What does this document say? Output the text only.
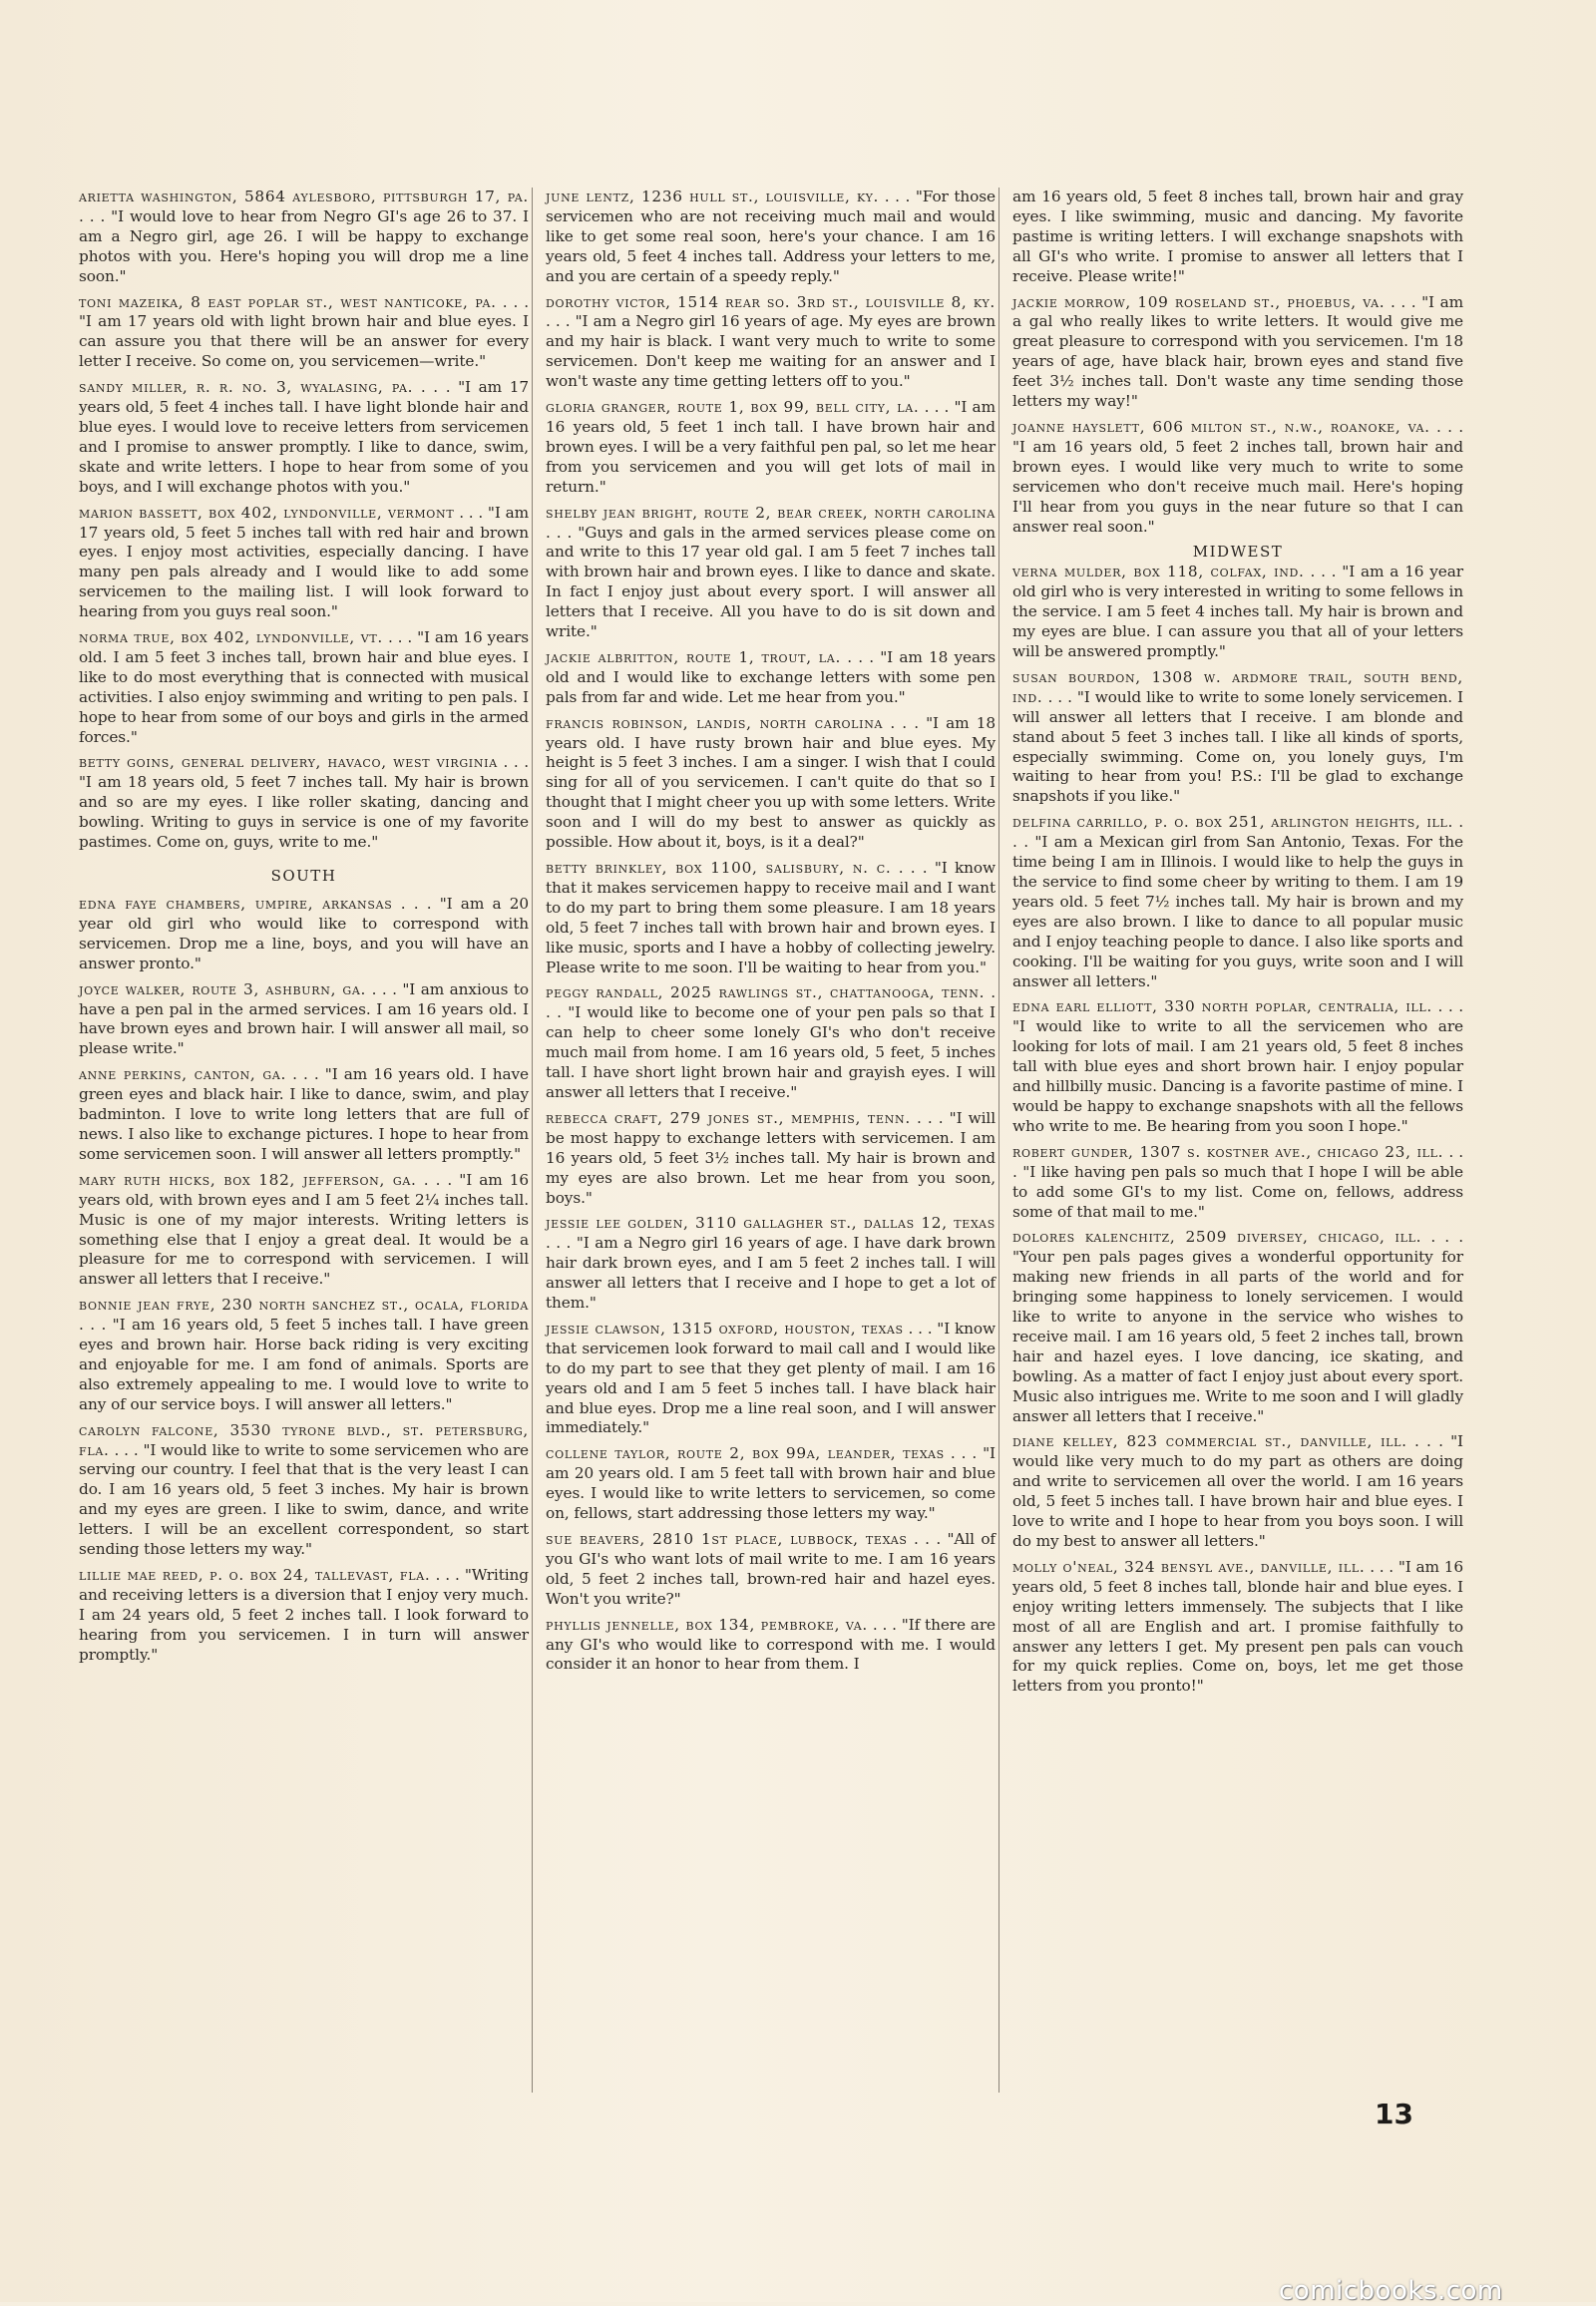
arietta washington, 5864 aylesboro, pittsburgh 17, pa. . . . "I would love to hear from Negro GI's age 26 to 37. I am a Negro girl, age 26. I will be happy to exchange photos with you. Here's hoping you will drop me a line soon."

toni mazeika, 8 east poplar st., west nanticoke, pa. . . . "I am 17 years old with light brown hair and blue eyes. I can assure you that there will be an answer for every letter I receive. So come on, you servicemen—write."

sandy miller, r. r. no. 3, wyalasing, pa. . . . "I am 17 years old, 5 feet 4 inches tall. I have light blonde hair and blue eyes. I would love to receive letters from servicemen and I promise to answer promptly. I like to dance, swim, skate and write letters. I hope to hear from some of you boys, and I will exchange photos with you."

marion bassett, box 402, lyndonville, vermont . . . "I am 17 years old, 5 feet 5 inches tall with red hair and brown eyes. I enjoy most activities, especially dancing. I have many pen pals already and I would like to add some servicemen to the mailing list. I will look forward to hearing from you guys real soon."

norma true, box 402, lyndonville, vt. . . . "I am 16 years old. I am 5 feet 3 inches tall, brown hair and blue eyes. I like to do most everything that is connected with musical activities. I also enjoy swimming and writing to pen pals. I hope to hear from some of our boys and girls in the armed forces."

betty goins, general delivery, havaco, west virginia . . . "I am 18 years old, 5 feet 7 inches tall. My hair is brown and so are my eyes. I like roller skating, dancing and bowling. Writing to guys in service is one of my favorite pastimes. Come on, guys, write to me."

SOUTH

edna faye chambers, umpire, arkansas . . . "I am a 20 year old girl who would like to correspond with servicemen. Drop me a line, boys, and you will have an answer pronto."

joyce walker, route 3, ashburn, ga. . . . "I am anxious to have a pen pal in the armed services. I am 16 years old. I have brown eyes and brown hair. I will answer all mail, so please write."

anne perkins, canton, ga. . . . "I am 16 years old. I have green eyes and black hair. I like to dance, swim, and play badminton. I love to write long letters that are full of news. I also like to exchange pictures. I hope to hear from some servicemen soon. I will answer all letters promptly."

mary ruth hicks, box 182, jefferson, ga. . . . "I am 16 years old, with brown eyes and I am 5 feet 2¼ inches tall. Music is one of my major interests. Writing letters is something else that I enjoy a great deal. It would be a pleasure for me to correspond with servicemen. I will answer all letters that I receive."

bonnie jean frye, 230 north sanchez st., ocala, florida . . . "I am 16 years old, 5 feet 5 inches tall. I have green eyes and brown hair. Horse back riding is very exciting and enjoyable for me. I am fond of animals. Sports are also extremely appealing to me. I would love to write to any of our service boys. I will answer all letters."

carolyn falcone, 3530 tyrone blvd., st. petersburg, fla. . . . "I would like to write to some servicemen who are serving our country. I feel that that is the very least I can do. I am 16 years old, 5 feet 3 inches. My hair is brown and my eyes are green. I like to swim, dance, and write letters. I will be an excellent correspondent, so start sending those letters my way."

lillie mae reed, p. o. box 24, tallevast, fla. . . . "Writing and receiving letters is a diversion that I enjoy very much. I am 24 years old, 5 feet 2 inches tall. I look forward to hearing from you servicemen. I in turn will answer promptly."

june lentz, 1236 hull st., louisville, ky. . . . "For those servicemen who are not receiving much mail and would like to get some real soon, here's your chance. I am 16 years old, 5 feet 4 inches tall. Address your letters to me, and you are certain of a speedy reply."

dorothy victor, 1514 rear so. 3rd st., louisville 8, ky. . . . "I am a Negro girl 16 years of age. My eyes are brown and my hair is black. I want very much to write to some servicemen. Don't keep me waiting for an answer and I won't waste any time getting letters off to you."

gloria granger, route 1, box 99, bell city, la. . . . "I am 16 years old, 5 feet 1 inch tall. I have brown hair and brown eyes. I will be a very faithful pen pal, so let me hear from you servicemen and you will get lots of mail in return."

shelby jean bright, route 2, bear creek, north carolina . . . "Guys and gals in the armed services please come on and write to this 17 year old gal. I am 5 feet 7 inches tall with brown hair and brown eyes. I like to dance and skate. In fact I enjoy just about every sport. I will answer all letters that I receive. All you have to do is sit down and write."

jackie albritton, route 1, trout, la. . . . "I am 18 years old and I would like to exchange letters with some pen pals from far and wide. Let me hear from you."

francis robinson, landis, north carolina . . . "I am 18 years old. I have rusty brown hair and blue eyes. My height is 5 feet 3 inches. I am a singer. I wish that I could sing for all of you servicemen. I can't quite do that so I thought that I might cheer you up with some letters. Write soon and I will do my best to answer as quickly as possible. How about it, boys, is it a deal?"

betty brinkley, box 1100, salisbury, n. c. . . . "I know that it makes servicemen happy to receive mail and I want to do my part to bring them some pleasure. I am 18 years old, 5 feet 7 inches tall with brown hair and brown eyes. I like music, sports and I have a hobby of collecting jewelry. Please write to me soon. I'll be waiting to hear from you."

peggy randall, 2025 rawlings st., chattanooga, tenn. . . . "I would like to become one of your pen pals so that I can help to cheer some lonely GI's who don't receive much mail from home. I am 16 years old, 5 feet, 5 inches tall. I have short light brown hair and grayish eyes. I will answer all letters that I receive."

rebecca craft, 279 jones st., memphis, tenn. . . . "I will be most happy to exchange letters with servicemen. I am 16 years old, 5 feet 3½ inches tall. My hair is brown and my eyes are also brown. Let me hear from you soon, boys."

jessie lee golden, 3110 gallagher st., dallas 12, texas . . . "I am a Negro girl 16 years of age. I have dark brown hair dark brown eyes, and I am 5 feet 2 inches tall. I will answer all letters that I receive and I hope to get a lot of them."

jessie clawson, 1315 oxford, houston, texas . . . "I know that servicemen look forward to mail call and I would like to do my part to see that they get plenty of mail. I am 16 years old and I am 5 feet 5 inches tall. I have black hair and blue eyes. Drop me a line real soon, and I will answer immediately."

collene taylor, route 2, box 99a, leander, texas . . . "I am 20 years old. I am 5 feet tall with brown hair and blue eyes. I would like to write letters to servicemen, so come on, fellows, start addressing those letters my way."

sue beavers, 2810 1st place, lubbock, texas . . . "All of you GI's who want lots of mail write to me. I am 16 years old, 5 feet 2 inches tall, brown-red hair and hazel eyes. Won't you write?"

phyllis jennelle, box 134, pembroke, va. . . . "If there are any GI's who would like to correspond with me. I would consider it an honor to hear from them. I

am 16 years old, 5 feet 8 inches tall, brown hair and gray eyes. I like swimming, music and dancing. My favorite pastime is writing letters. I will exchange snapshots with all GI's who write. I promise to answer all letters that I receive. Please write!"

jackie morrow, 109 roseland st., phoebus, va. . . . "I am a gal who really likes to write letters. It would give me great pleasure to correspond with you servicemen. I'm 18 years of age, have black hair, brown eyes and stand five feet 3½ inches tall. Don't waste any time sending those letters my way!"

joanne hayslett, 606 milton st., n.w., roanoke, va. . . . "I am 16 years old, 5 feet 2 inches tall, brown hair and brown eyes. I would like very much to write to some servicemen who don't receive much mail. Here's hoping I'll hear from you guys in the near future so that I can answer real soon."

MIDWEST

verna mulder, box 118, colfax, ind. . . . "I am a 16 year old girl who is very interested in writing to some fellows in the service. I am 5 feet 4 inches tall. My hair is brown and my eyes are blue. I can assure you that all of your letters will be answered promptly."

susan bourdon, 1308 w. ardmore trail, south bend, ind. . . . "I would like to write to some lonely servicemen. I will answer all letters that I receive. I am blonde and stand about 5 feet 3 inches tall. I like all kinds of sports, especially swimming. Come on, you lonely guys, I'm waiting to hear from you! P.S.: I'll be glad to exchange snapshots if you like."

delfina carrillo, p. o. box 251, arlington heights, ill. . . . "I am a Mexican girl from San Antonio, Texas. For the time being I am in Illinois. I would like to help the guys in the service to find some cheer by writing to them. I am 19 years old. 5 feet 7½ inches tall. My hair is brown and my eyes are also brown. I like to dance to all popular music and I enjoy teaching people to dance. I also like sports and cooking. I'll be waiting for you guys, write soon and I will answer all letters."

edna earl elliott, 330 north poplar, centralia, ill. . . . "I would like to write to all the servicemen who are looking for lots of mail. I am 21 years old, 5 feet 8 inches tall with blue eyes and short brown hair. I enjoy popular and hillbilly music. Dancing is a favorite pastime of mine. I would be happy to exchange snapshots with all the fellows who write to me. Be hearing from you soon I hope."

robert gunder, 1307 s. kostner ave., chicago 23, ill. . . . "I like having pen pals so much that I hope I will be able to add some GI's to my list. Come on, fellows, address some of that mail to me."

dolores kalenchitz, 2509 diversey, chicago, ill. . . . "Your pen pals pages gives a wonderful opportunity for making new friends in all parts of the world and for bringing some happiness to lonely servicemen. I would like to write to anyone in the service who wishes to receive mail. I am 16 years old, 5 feet 2 inches tall, brown hair and hazel eyes. I love dancing, ice skating, and bowling. As a matter of fact I enjoy just about every sport. Music also intrigues me. Write to me soon and I will gladly answer all letters that I receive."

diane kelley, 823 commercial st., danville, ill. . . . "I would like very much to do my part as others are doing and write to servicemen all over the world. I am 16 years old, 5 feet 5 inches tall. I have brown hair and blue eyes. I love to write and I hope to hear from you boys soon. I will do my best to answer all letters."

molly o'neal, 324 bensyl ave., danville, ill. . . . "I am 16 years old, 5 feet 8 inches tall, blonde hair and blue eyes. I enjoy writing letters immensely. The subjects that I like most of all are English and art. I promise faithfully to answer any letters I get. My present pen pals can vouch for my quick replies. Come on, boys, let me get those letters from you pronto!"

13
comicbooks.com
